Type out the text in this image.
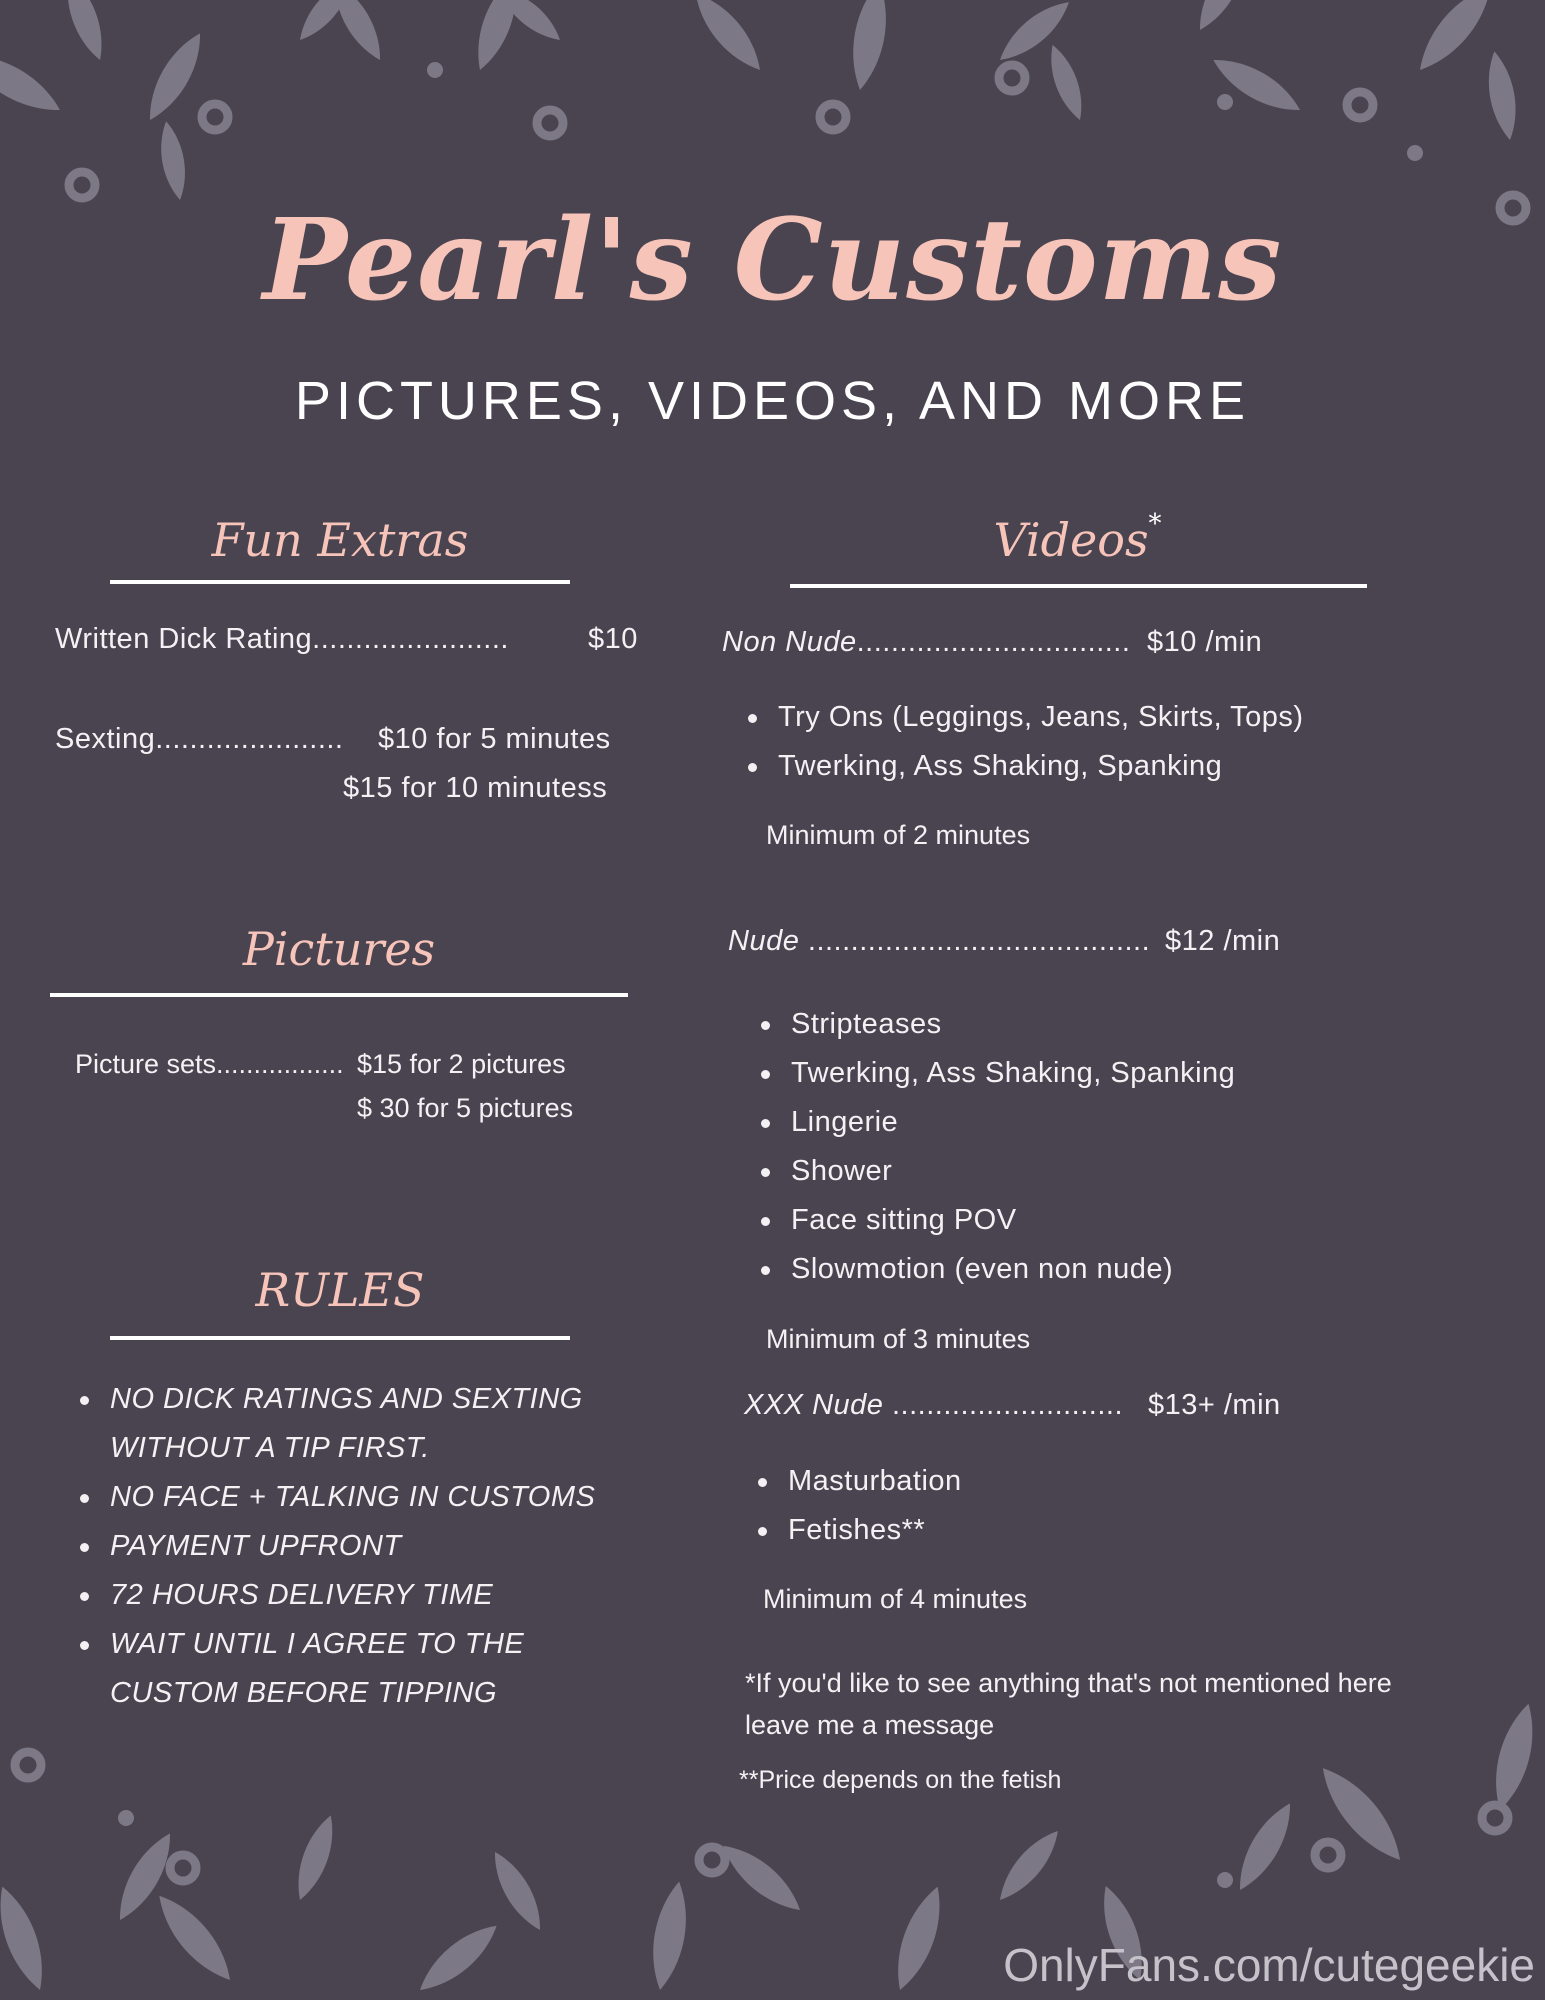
Pearl's Customs
PICTURES, VIDEOS, AND MORE
Fun Extras
Written Dick Rating.......................	$10
Sexting...................... $10 for 5 minutes
$15 for 10 minutess
Pictures
Picture sets................. $15 for 2 pictures
$ 30 for 5 pictures
RULES
NO DICK RATINGS AND SEXTING
WITHOUT A TIP FIRST.
NO FACE + TALKING IN CUSTOMS
PAYMENT UPFRONT
72 HOURS DELIVERY TIME
WAIT UNTIL I AGREE TO THE
CUSTOM BEFORE TIPPING
Videos*
Non Nude................................ $10 /min
Try Ons (Leggings, Jeans, Skirts, Tops)
Twerking, Ass Shaking, Spanking
Minimum of 2 minutes
Nude ........................................ $12 /min
Stripteases
Twerking, Ass Shaking, Spanking
Lingerie
Shower
Face sitting POV
Slowmotion (even non nude)
Minimum of 3 minutes
XXX Nude ........................... $13+ /min
Masturbation
Fetishes**
Minimum of 4 minutes
*If you'd like to see anything that's not mentioned here
leave me a message
**Price depends on the fetish
OnlyFans.com/cutegeekie
